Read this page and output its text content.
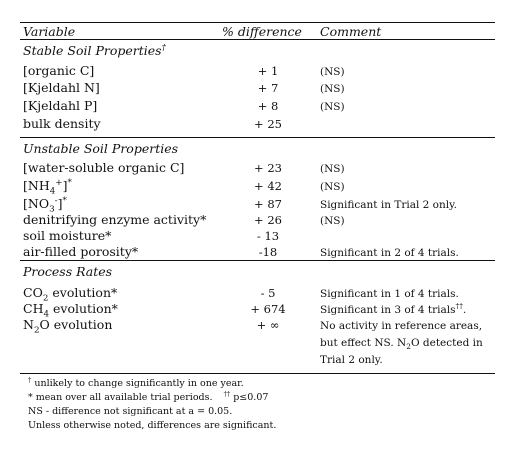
Variable	% difference Comment
Stable Soil Properties†
[organic C]	+ 1	(NS)
[Kjeldahl N]	+ 7	(NS)
[Kjeldahl P]	+ 8	(NS)
bulk density	+ 25
Unstable Soil Properties
[water-soluble organic C]	+ 23	(NS)
$[NH_4^+]^*$	+ 42	(NS)
$[NO_3^-]^*$	+ 87	Significant in Trial 2 only.
denitrifying enzyme activity*	+ 26	(NS)
soil moisture*	- 13
air-filled porosity*	-18	Significant in 2 of 4 trials.
Process Rates
$CO_2$ evolution*	- 5	Significant in 1 of 4 trials.
$CH_4$ evolution*	+ 674	Significant in 3 of 4 trials††.
$N_2O$ evolution	+ ∞	No activity in reference areas,
but effect NS. $N_2O$ detected in
Trial 2 only.
† unlikely to change significantly in one year.
* mean over all available trial periods. †† p≤0.07
NS - difference not significant at a = 0.05.
Unless otherwise noted, differences are significant.
